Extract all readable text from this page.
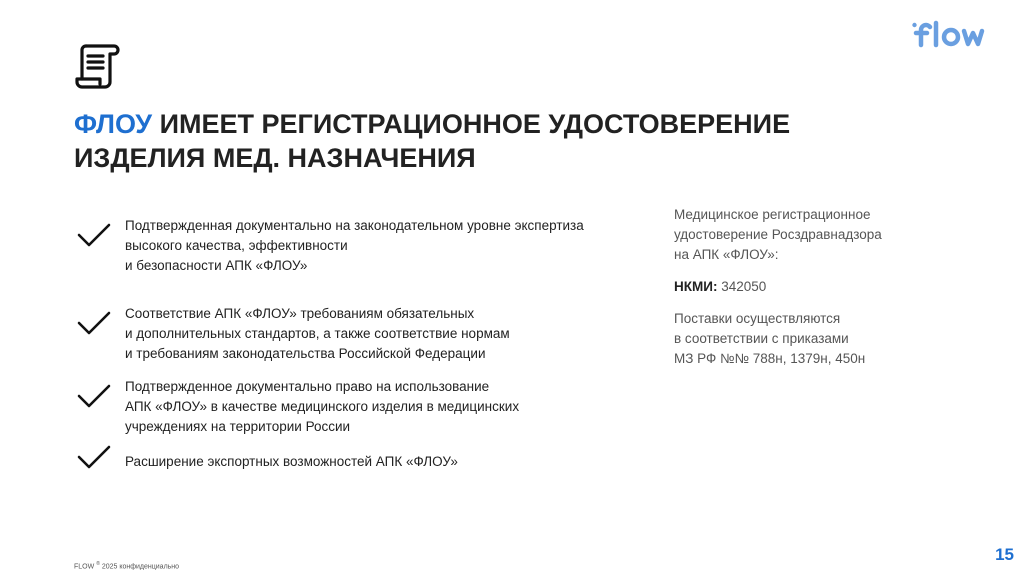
ФЛОУ ИМЕЕТ РЕГИСТРАЦИОННОЕ УДОСТОВЕРЕНИЕ
ИЗДЕЛИЯ МЕД. НАЗНАЧЕНИЯ
Подтвержденная документально на законодательном уровне экспертиза
высокого качества, эффективности
и безопасности АПК «ФЛОУ»
Соответствие АПК «ФЛОУ» требованиям обязательных
и дополнительных стандартов, а также соответствие нормам
и требованиям законодательства Российской Федерации
Подтвержденное документально право на использование
АПК «ФЛОУ» в качестве медицинского изделия в медицинских
учреждениях на территории России
Расширение экспортных возможностей АПК «ФЛОУ»

Медицинское регистрационное
удостоверение Росздравнадзора
на АПК «ФЛОУ»:

НКМИ: 342050

Поставки осуществляются
в соответствии с приказами
МЗ РФ №№ 788н, 1379н, 450н

FLOW ® 2025 конфиденциально
15
